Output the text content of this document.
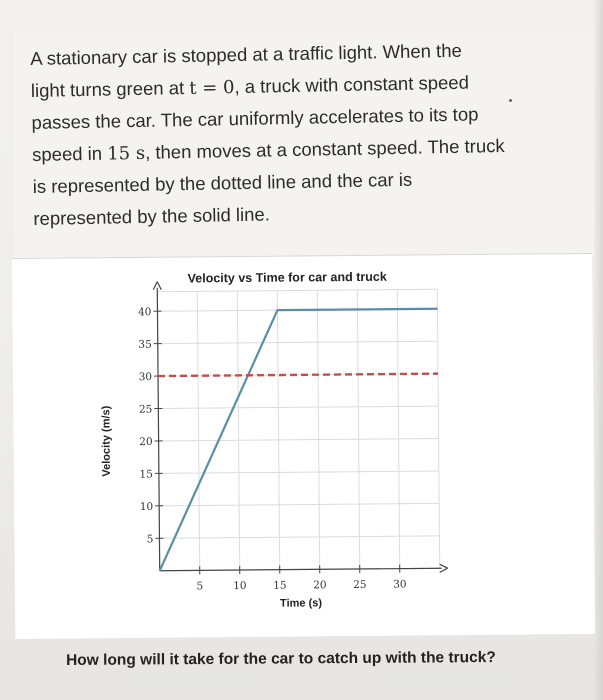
A stationary car is stopped at a traffic light. When the
light turns green at t = 0, a truck with constant speed
passes the car. The car uniformly accelerates to its top
speed in 15 s, then moves at a constant speed. The truck
is represented by the dotted line and the car is
represented by the solid line.
Velocity vs Time for car and truck
Time (s)
Velocity (m/s)
5	10	15	20	25	30
5
10
15
20
25
30
35
40
How long will it take for the car to catch up with the truck?
